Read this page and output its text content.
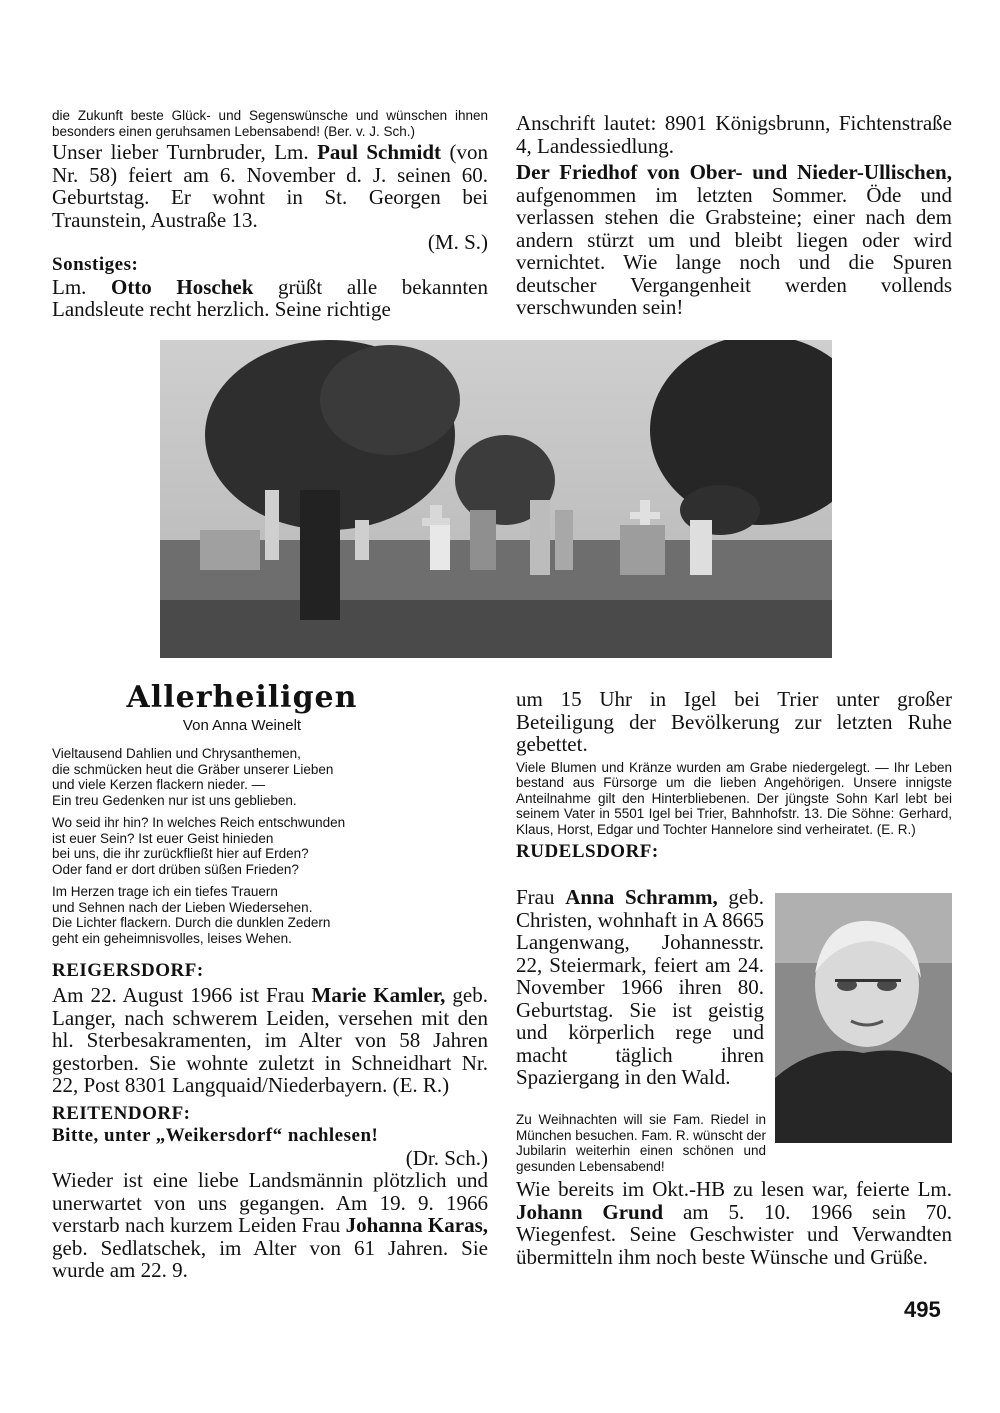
die Zukunft beste Glück- und Segenswünsche und wünschen ihnen besonders einen geruhsamen Lebensabend! (Ber. v. J. Sch.)

Unser lieber Turnbruder, Lm. Paul Schmidt (von Nr. 58) feiert am 6. November d. J. seinen 60. Geburtstag. Er wohnt in St. Georgen bei Traunstein, Austraße 13.

(M. S.)

Sonstiges:

Lm. Otto Hoschek grüßt alle bekannten Landsleute recht herzlich. Seine richtige

Anschrift lautet: 8901 Königsbrunn, Fichtenstraße 4, Landessiedlung.

Der Friedhof von Ober- und Nieder-Ullischen, aufgenommen im letzten Sommer. Öde und verlassen stehen die Grabsteine; einer nach dem andern stürzt um und bleibt liegen oder wird vernichtet. Wie lange noch und die Spuren deutscher Vergangenheit werden vollends verschwunden sein!

Allerheiligen
Von Anna Weinelt
Vieltausend Dahlien und Chrysanthemen,
die schmücken heut die Gräber unserer Lieben
und viele Kerzen flackern nieder. —
Ein treu Gedenken nur ist uns geblieben.
Wo seid ihr hin? In welches Reich entschwunden
ist euer Sein? Ist euer Geist hinieden
bei uns, die ihr zurückfließt hier auf Erden?
Oder fand er dort drüben süßen Frieden?
Im Herzen trage ich ein tiefes Trauern
und Sehnen nach der Lieben Wiedersehen.
Die Lichter flackern. Durch die dunklen Zedern
geht ein geheimnisvolles, leises Wehen.

REIGERSDORF:

Am 22. August 1966 ist Frau Marie Kamler, geb. Langer, nach schwerem Leiden, versehen mit den hl. Sterbesakramenten, im Alter von 58 Jahren gestorben. Sie wohnte zuletzt in Schneidhart Nr. 22, Post 8301 Langquaid/Niederbayern. (E. R.)

REITENDORF:

Bitte, unter „Weikersdorf“ nachlesen!

(Dr. Sch.)

Wieder ist eine liebe Landsmännin plötzlich und unerwartet von uns gegangen. Am 19. 9. 1966 verstarb nach kurzem Leiden Frau Johanna Karas, geb. Sedlatschek, im Alter von 61 Jahren. Sie wurde am 22. 9.

um 15 Uhr in Igel bei Trier unter großer Beteiligung der Bevölkerung zur letzten Ruhe gebettet.

Viele Blumen und Kränze wurden am Grabe niedergelegt. — Ihr Leben bestand aus Fürsorge um die lieben Angehörigen. Unsere innigste Anteilnahme gilt den Hinterbliebenen. Der jüngste Sohn Karl lebt bei seinem Vater in 5501 Igel bei Trier, Bahnhofstr. 13. Die Söhne: Gerhard, Klaus, Horst, Edgar und Tochter Hannelore sind verheiratet. (E. R.)

RUDELSDORF:

Frau Anna Schramm, geb. Christen, wohnhaft in A 8665 Langenwang, Johannesstr. 22, Steiermark, feiert am 24. November 1966 ihren 80. Geburtstag. Sie ist geistig und körperlich rege und macht täglich ihren Spaziergang in den Wald.

Zu Weihnachten will sie Fam. Riedel in München besuchen. Fam. R. wünscht der Jubilarin weiterhin einen schönen und gesunden Lebensabend!

Wie bereits im Okt.-HB zu lesen war, feierte Lm. Johann Grund am 5. 10. 1966 sein 70. Wiegenfest. Seine Geschwister und Verwandten übermitteln ihm noch beste Wünsche und Grüße.

495
